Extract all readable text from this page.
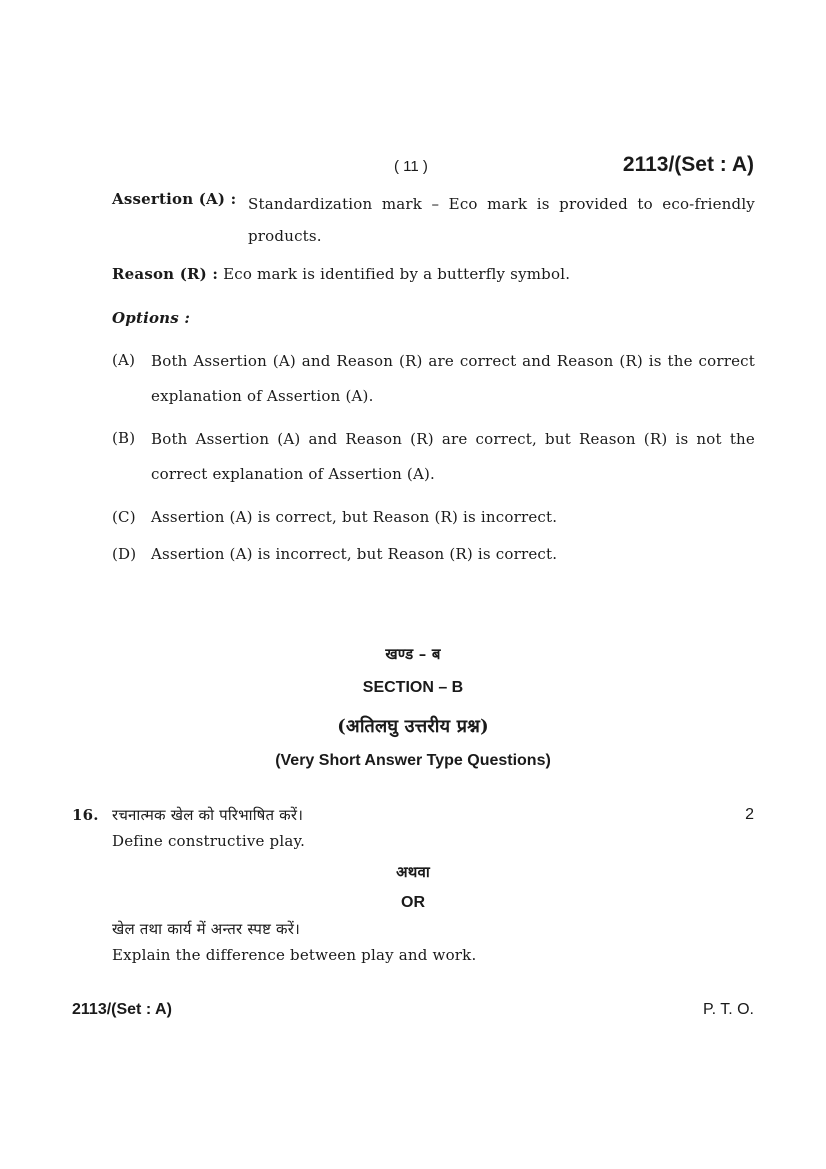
( 11 )	2113/(Set : A)
Assertion (A) : Standardization mark – Eco mark is provided to eco-friendly products.
Reason (R) : Eco mark is identified by a butterfly symbol.
Options :
(A) Both Assertion (A) and Reason (R) are correct and Reason (R) is the correct explanation of Assertion (A).
(B) Both Assertion (A) and Reason (R) are correct, but Reason (R) is not the correct explanation of Assertion (A).
(C) Assertion (A) is correct, but Reason (R) is incorrect.
(D) Assertion (A) is incorrect, but Reason (R) is correct.
खण्ड – ब
SECTION – B
(अतिलघु उत्तरीय प्रश्न)
(Very Short Answer Type Questions)
16. रचनात्मक खेल को परिभाषित करें।	2
Define constructive play.
अथवा
OR
खेल तथा कार्य में अन्तर स्पष्ट करें।
Explain the difference between play and work.
2113/(Set : A)	P. T. O.
